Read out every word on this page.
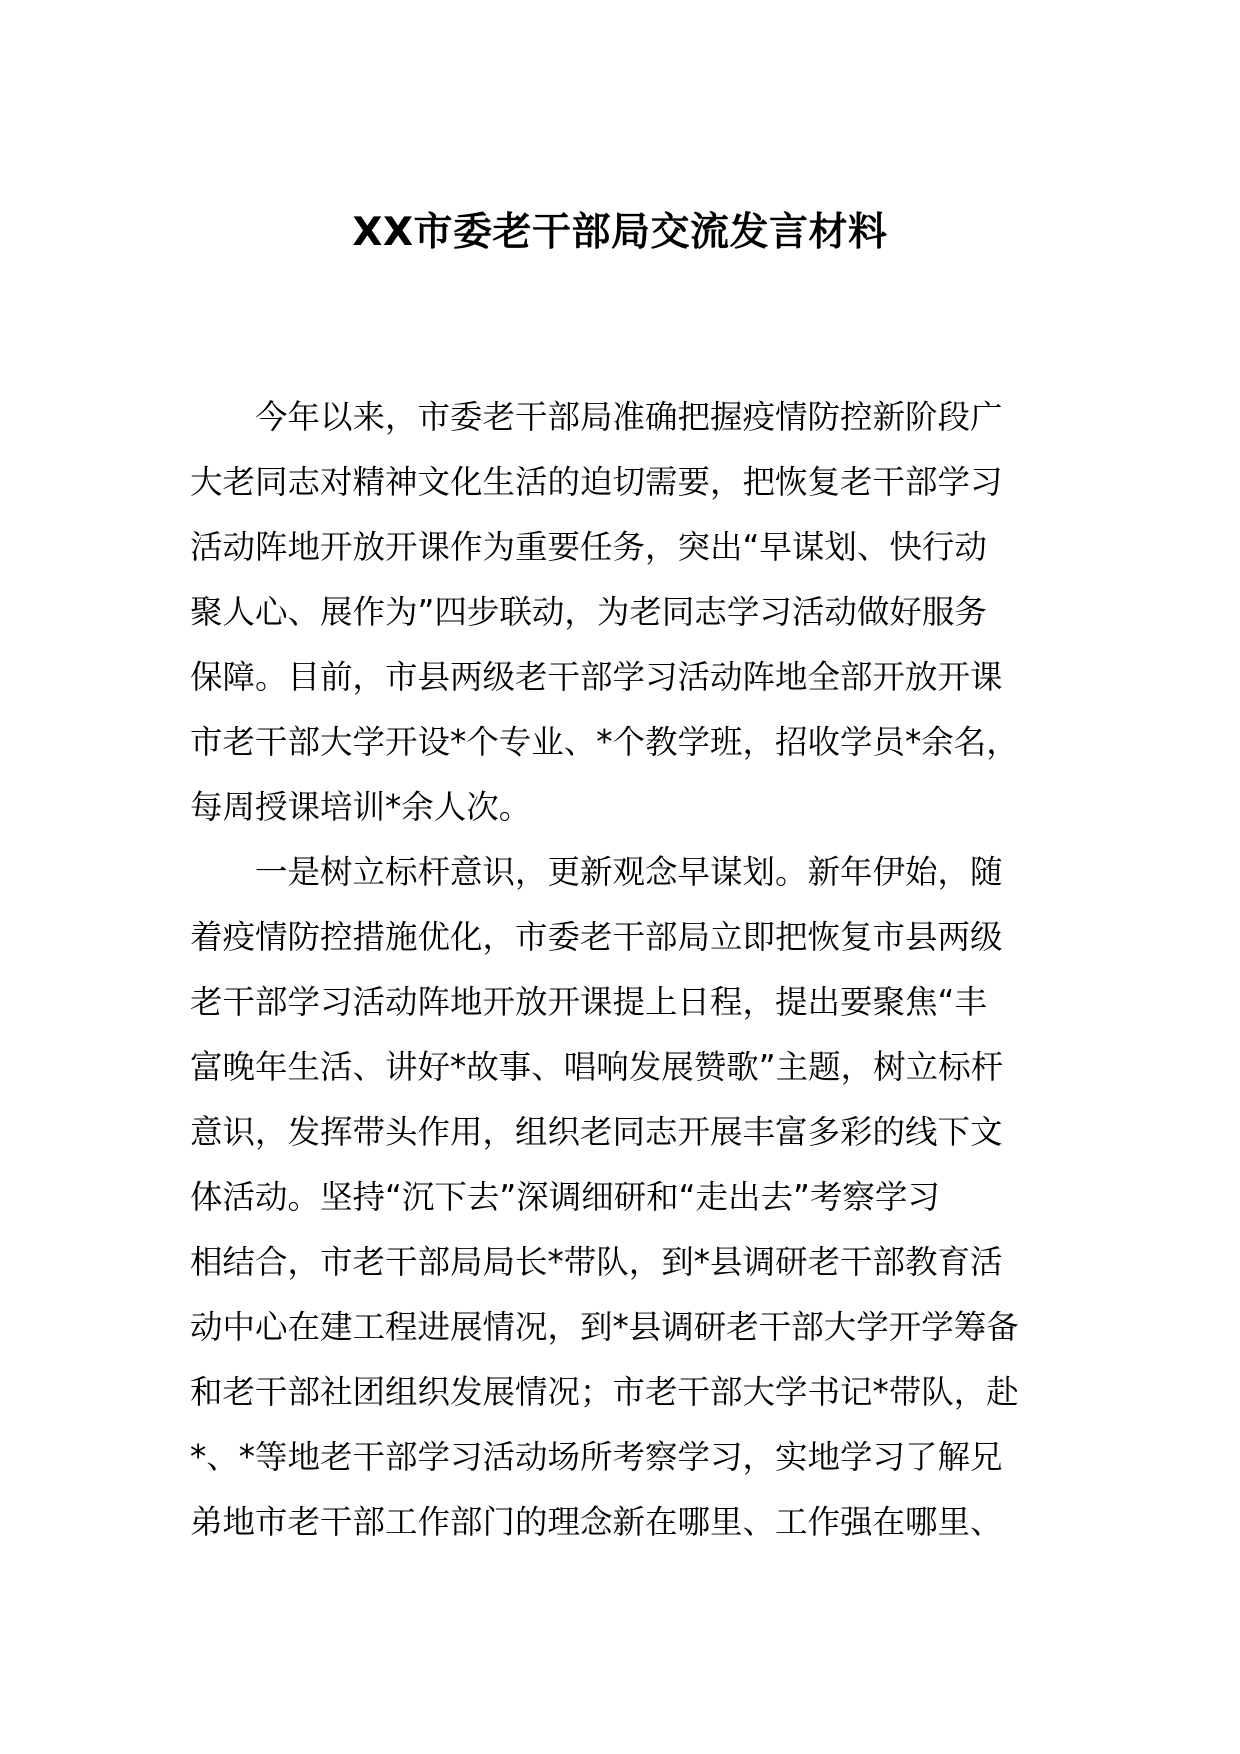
XX市委老干部局交流发言材料
　　今年以来，市委老干部局准确把握疫情防控新阶段广
大老同志对精神文化生活的迫切需要，把恢复老干部学习
活动阵地开放开课作为重要任务，突出“早谋划、快行动
聚人心、展作为”四步联动，为老同志学习活动做好服务
保障。目前，市县两级老干部学习活动阵地全部开放开课
市老干部大学开设*个专业、*个教学班，招收学员*余名，
每周授课培训*余人次。
　　一是树立标杆意识，更新观念早谋划。新年伊始，随
着疫情防控措施优化，市委老干部局立即把恢复市县两级
老干部学习活动阵地开放开课提上日程，提出要聚焦“丰
富晚年生活、讲好*故事、唱响发展赞歌”主题，树立标杆
意识，发挥带头作用，组织老同志开展丰富多彩的线下文
体活动。坚持“沉下去”深调细研和“走出去”考察学习
相结合，市老干部局局长*带队，到*县调研老干部教育活
动中心在建工程进展情况，到*县调研老干部大学开学筹备
和老干部社团组织发展情况；市老干部大学书记*带队，赴
*、*等地老干部学习活动场所考察学习，实地学习了解兄
弟地市老干部工作部门的理念新在哪里、工作强在哪里、
